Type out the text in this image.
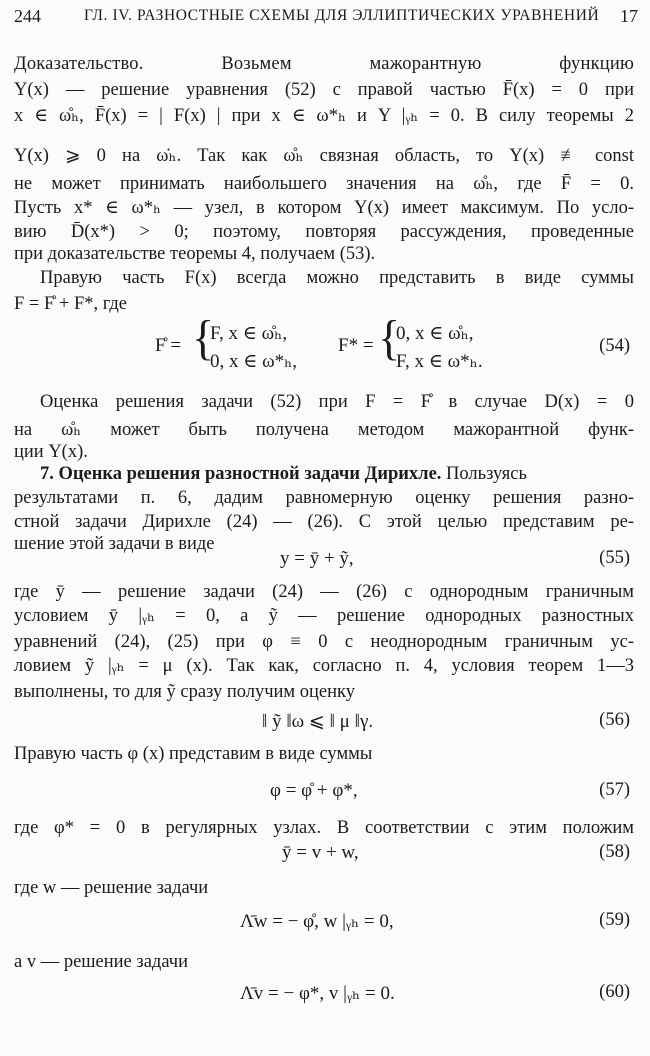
244	ГЛ. IV. РАЗНОСТНЫЕ СХЕМЫ ДЛЯ ЭЛЛИПТИЧЕСКИХ УРАВНЕНИЙ 17
Доказательство. Возьмем мажорантную функцию
Y(x) — решение уравнения (52) с правой частью F̄(x) = 0 при
x ∈ ω̊ₕ, F̄(x) = | F(x) | при x ∈ ω*ₕ и Y |ᵧₕ = 0. В силу теоремы 2
Y(x) ⩾ 0 на ω̇ₕ. Так как ω̊ₕ связная область, то Y(x) ≢ const
не может принимать наибольшего значения на ω̊ₕ, где F̄ = 0.
Пусть x* ∈ ω*ₕ — узел, в котором Y(x) имеет максимум. По усло-
вию D̄(x*) > 0; поэтому, повторяя рассуждения, проведенные
при доказательстве теоремы 4, получаем (53).
Правую часть F(x) всегда можно представить в виде суммы
F = F̊ + F*, где
F̊ = {
F, x ∈ ω̊ₕ,
0, x ∈ ω*ₕ,
F* = {
0, x ∈ ω̊ₕ,
F, x ∈ ω*ₕ.
(54)
Оценка решения задачи (52) при F = F̊ в случае D(x) = 0
на ω̊ₕ может быть получена методом мажорантной функ-
ции Y(x).
7. Оценка решения разностной задачи Дирихле. Пользуясь
результатами п. 6, дадим равномерную оценку решения разно-
стной задачи Дирихле (24) — (26). С этой целью представим ре-
шение этой задачи в виде
y = ȳ + ỹ,	(55)
где ȳ — решение задачи (24) — (26) с однородным граничным
условием ȳ |ᵧₕ = 0, а ỹ — решение однородных разностных
уравнений (24), (25) при φ ≡ 0 с неоднородным граничным ус-
ловием ỹ |ᵧₕ = μ (x). Так как, согласно п. 4, условия теорем 1—3
выполнены, то для ỹ сразу получим оценку
‖ ỹ ‖ω ⩽ ‖ μ ‖γ.	(56)
Правую часть φ (x) представим в виде суммы
φ = φ̊ + φ*,	(57)
где φ* = 0 в регулярных узлах. В соответствии с этим положим
ȳ = v + w,	(58)
где w — решение задачи
Λ̄w = − φ̊, w |ᵧₕ = 0,	(59)
а v — решение задачи
Λ̄v = − φ*, v |ᵧₕ = 0.	(60)
